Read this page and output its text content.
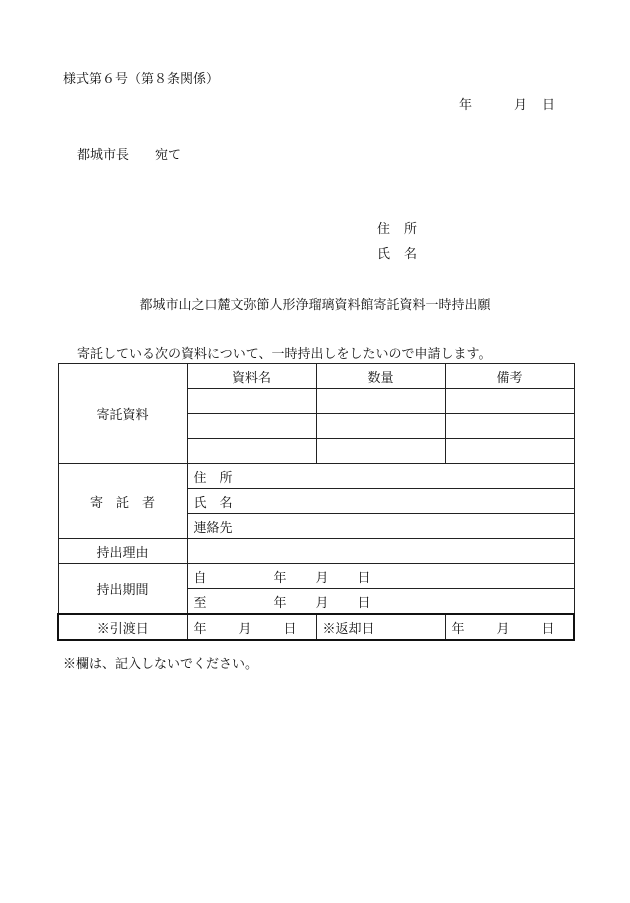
様式第６号（第８条関係）
年	月 日
都城市長 宛て
住所
氏名
都城市山之口麓文弥節人形浄瑠璃資料館寄託資料一時持出願
寄託している次の資料について、一時持出しをしたいので申請します。
寄託資料	資料名	数量	備考

寄　託　者	住　所		
	氏　名		
	連絡先		
持出理由			
持出期間	自 年 月 日		
	至 年 月 日		
※引渡日	年 月 日	※返却日	年 月 日
※欄は、記入しないでください。
